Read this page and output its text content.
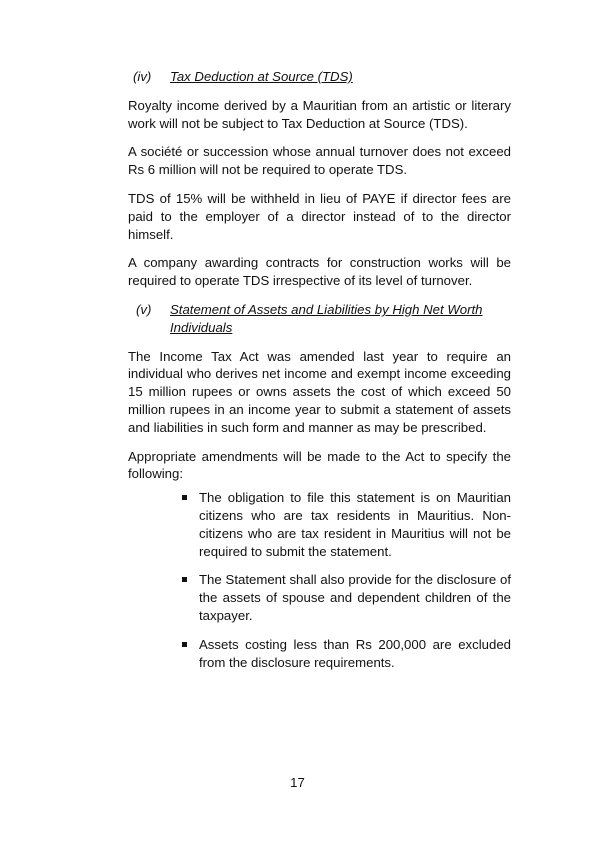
(iv)	Tax Deduction at Source (TDS)

Royalty income derived by a Mauritian from an artistic or literary work will not be subject to Tax Deduction at Source (TDS).

A société or succession whose annual turnover does not exceed Rs 6 million will not be required to operate TDS.

TDS of 15% will be withheld in lieu of PAYE if director fees are paid to the employer of a director instead of to the director himself.

A company awarding contracts for construction works will be required to operate TDS irrespective of its level of turnover.

(v)	Statement of Assets and Liabilities by High Net Worth Individuals

The Income Tax Act was amended last year to require an individual who derives net income and exempt income exceeding 15 million rupees or owns assets the cost of which exceed 50 million rupees in an income year to submit a statement of assets and liabilities in such form and manner as may be prescribed.

Appropriate amendments will be made to the Act to specify the following:

The obligation to file this statement is on Mauritian citizens who are tax residents in Mauritius. Non-citizens who are tax resident in Mauritius will not be required to submit the statement.
The Statement shall also provide for the disclosure of the assets of spouse and dependent children of the taxpayer.
Assets costing less than Rs 200,000 are excluded from the disclosure requirements.
17
